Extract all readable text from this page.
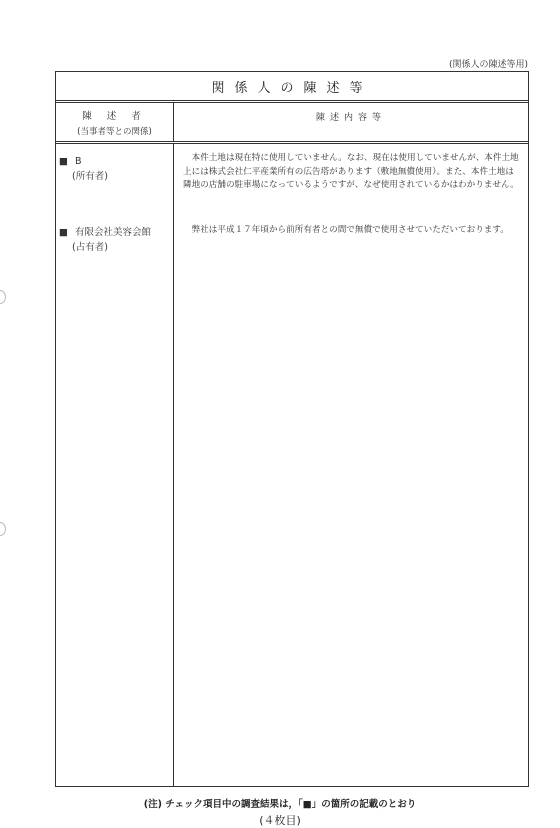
(関係人の陳述等用)
関係人の陳述等
陳 述 者
(当事者等との関係)
陳述内容等
■ B
(所有者)
■ 有限会社美容会館
(占有者)
本件土地は現在特に使用していません。なお、現在は使用していませんが、本件土地上には株式会社仁平産業所有の広告塔があります（敷地無償使用）。また、本件土地は隣地の店舗の駐車場になっているようですが、なぜ使用されているかはわかりません。
弊社は平成１７年頃から前所有者との間で無償で使用させていただいております。
(注) チェック項目中の調査結果は，「■」の箇所の記載のとおり
(４枚目)
